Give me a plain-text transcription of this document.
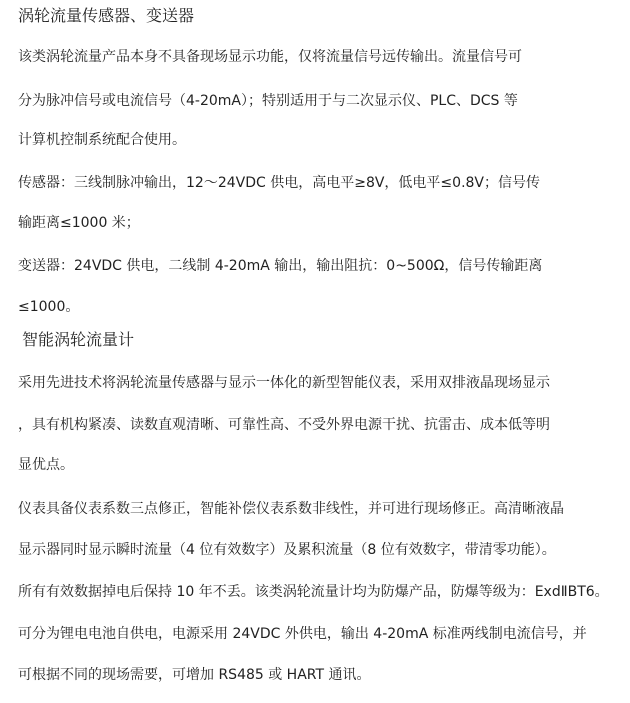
涡轮流量传感器、变送器
该类涡轮流量产品本身不具备现场显示功能，仅将流量信号远传输出。流量信号可
分为脉冲信号或电流信号（4-20mA）；特别适用于与二次显示仪、PLC、DCS 等
计算机控制系统配合使用。
传感器：三线制脉冲输出，12～24VDC 供电，高电平≥8V，低电平≤0.8V；信号传
输距离≤1000 米；
变送器：24VDC 供电，二线制 4-20mA 输出，输出阻抗：0~500Ω，信号传输距离
≤1000。
智能涡轮流量计
采用先进技术将涡轮流量传感器与显示一体化的新型智能仪表，采用双排液晶现场显示
，具有机构紧凑、读数直观清晰、可靠性高、不受外界电源干扰、抗雷击、成本低等明
显优点。
仪表具备仪表系数三点修正，智能补偿仪表系数非线性，并可进行现场修正。高清晰液晶
显示器同时显示瞬时流量（4 位有效数字）及累积流量（8 位有效数字，带清零功能）。
所有有效数据掉电后保持 10 年不丢。该类涡轮流量计均为防爆产品，防爆等级为：ExdⅡBT6。
可分为锂电电池自供电，电源采用 24VDC 外供电，输出 4-20mA 标准两线制电流信号，并
可根据不同的现场需要，可增加 RS485 或 HART 通讯。
